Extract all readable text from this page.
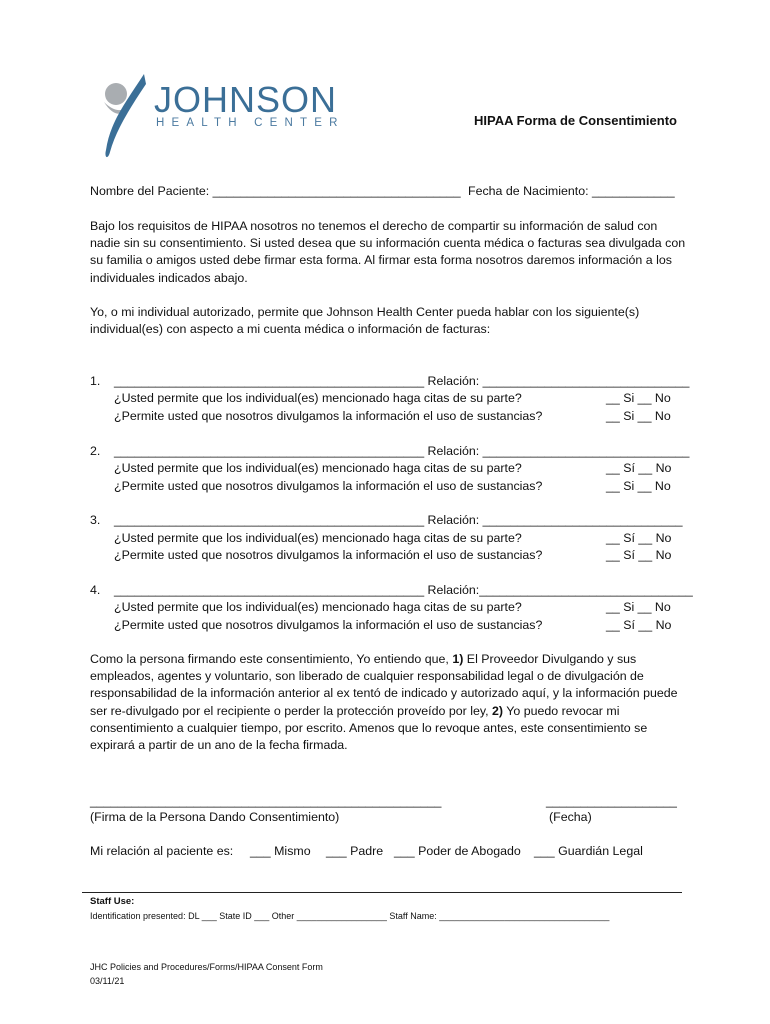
JOHNSON
HEALTH CENTER	HIPAA Forma de Consentimiento
Nombre del Paciente: ____________________________________ Fecha de Nacimiento: ____________
Bajo los requisitos de HIPAA nosotros no tenemos el derecho de compartir su información de salud con nadie sin su consentimiento. Si usted desea que su información cuenta médica o facturas sea divulgada con su familia o amigos usted debe firmar esta forma. Al firmar esta forma nosotros daremos información a los individuales indicados abajo.
Yo, o mi individual autorizado, permite que Johnson Health Center pueda hablar con los siguiente(s) individual(es) con aspecto a mi cuenta médica o información de facturas:
1. _____________________________________________ Relación: ______________________________
¿Usted permite que los individual(es) mencionado haga citas de su parte?	__ Si __ No
¿Permite usted que nosotros divulgamos la información el uso de sustancias?	__ Si __ No
2. _____________________________________________ Relación: ______________________________
¿Usted permite que los individual(es) mencionado haga citas de su parte?	__ Sí __ No
¿Permite usted que nosotros divulgamos la información el uso de sustancias?	__ Si __ No
3. _____________________________________________ Relación: _____________________________
¿Usted permite que los individual(es) mencionado haga citas de su parte?	__ Sí __ No
¿Permite usted que nosotros divulgamos la información el uso de sustancias?	__ Sí __ No
4. _____________________________________________ Relación:_______________________________
¿Usted permite que los individual(es) mencionado haga citas de su parte?	__ Si __ No
¿Permite usted que nosotros divulgamos la información el uso de sustancias?	__ Sí __ No
Como la persona firmando este consentimiento, Yo entiendo que, 1) El Proveedor Divulgando y sus empleados, agentes y voluntario, son liberado de cualquier responsabilidad legal o de divulgación de responsabilidad de la información anterior al ex tentó de indicado y autorizado aquí, y la información puede ser re-divulgado por el recipiente o perder la protección proveído por ley, 2) Yo puedo revocar mi consentimiento a cualquier tiempo, por escrito. Amenos que lo revoque antes, este consentimiento se expirará a partir de un ano de la fecha firmada.
___________________________________________________
(Firma de la Persona Dando Consentimiento)
___________________
(Fecha)
Mi relación al paciente es: ___ Mismo ___ Padre ___ Poder de Abogado ___ Guardián Legal
Staff Use:
Identification presented: DL ___ State ID ___ Other __________________ Staff Name: __________________________________
JHC Policies and Procedures/Forms/HIPAA Consent Form
03/11/21
